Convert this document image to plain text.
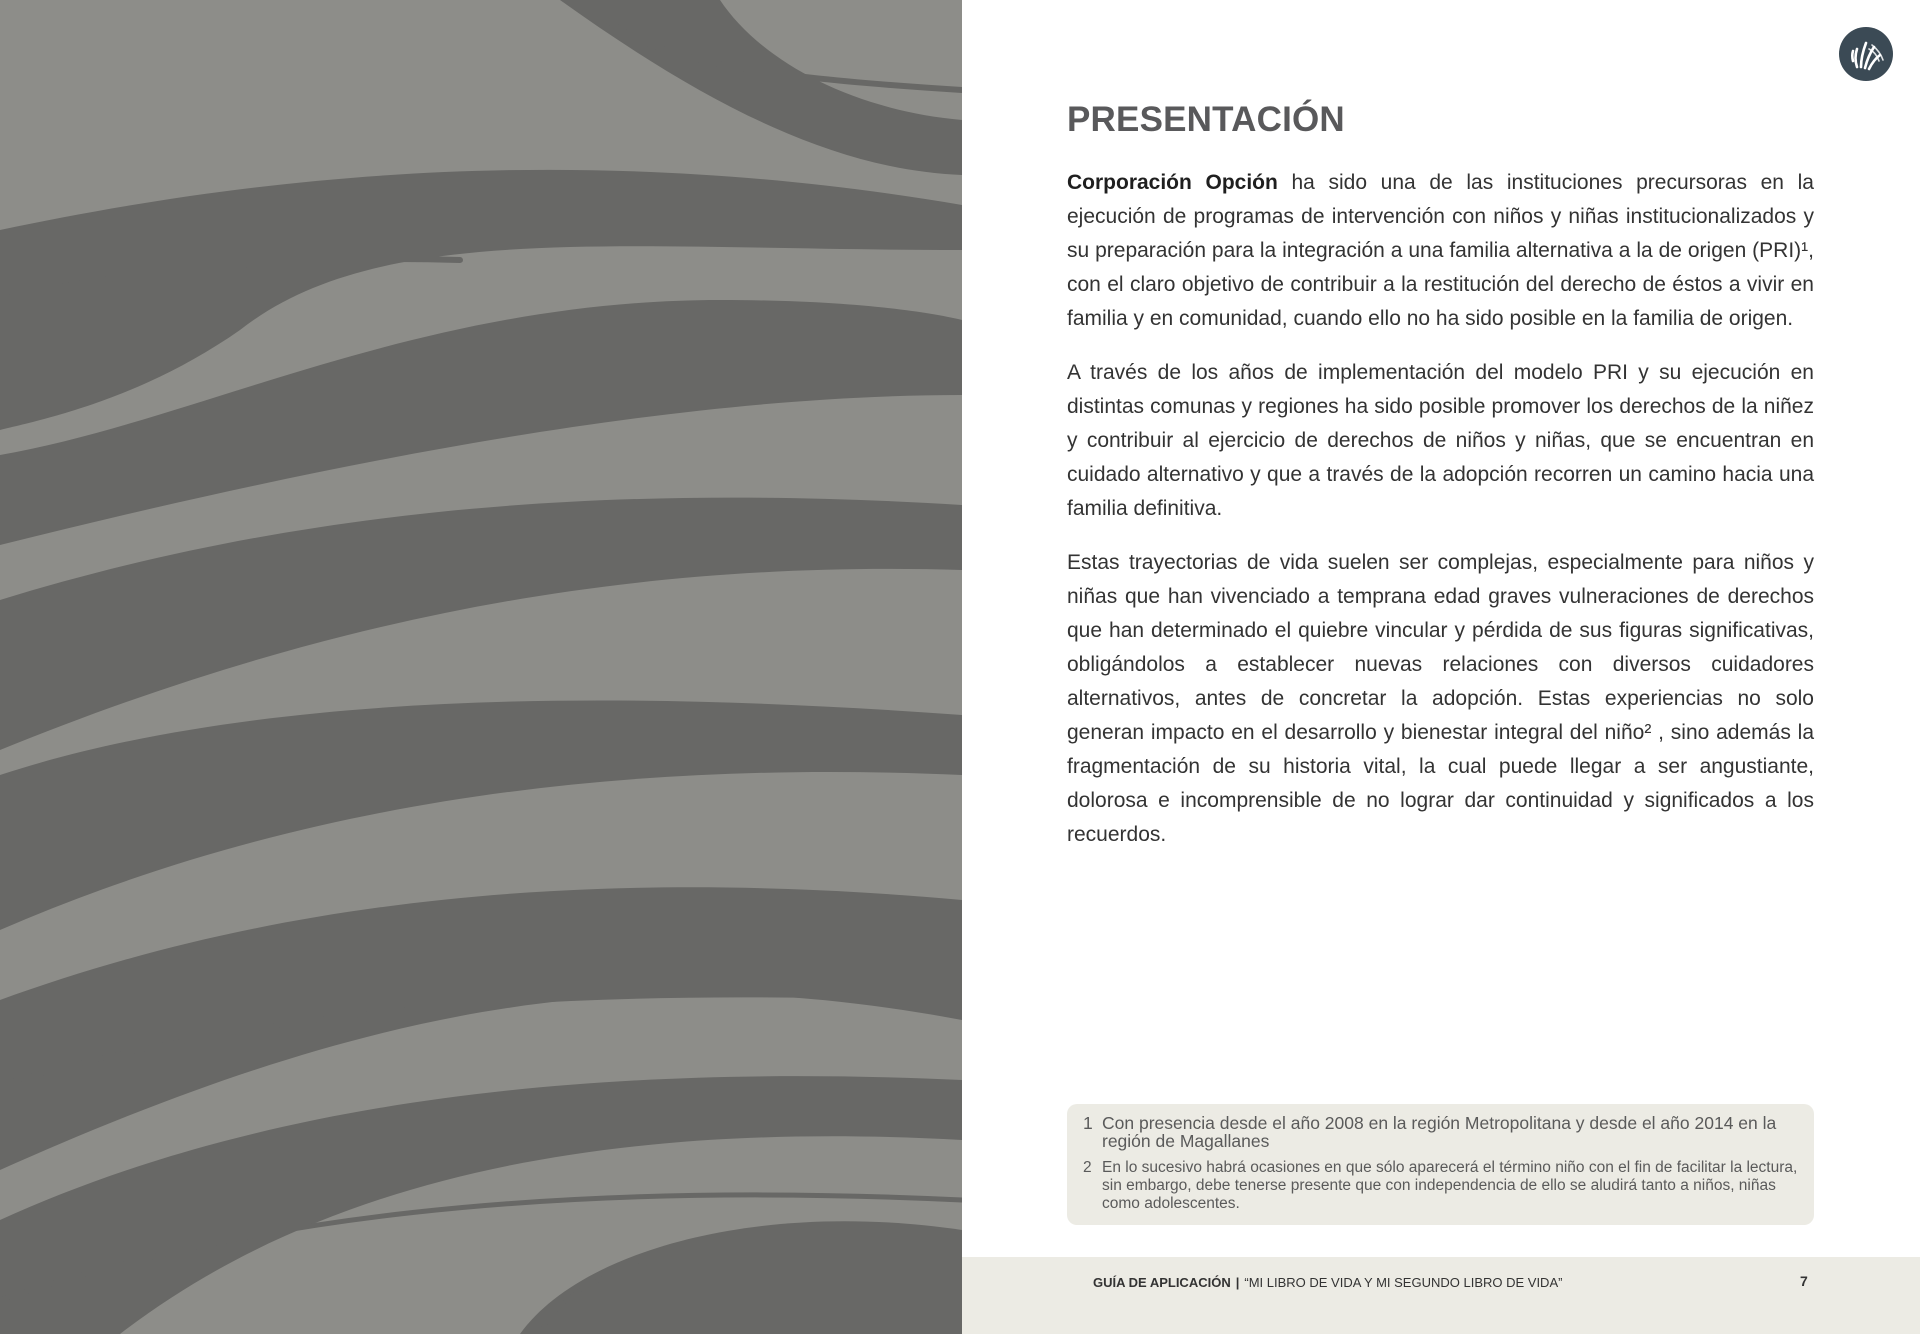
PRESENTACIÓN

Corporación Opción ha sido una de las instituciones precursoras en la ejecución de programas de intervención con niños y niñas institucionalizados y su preparación para la integración a una familia alternativa a la de origen (PRI)¹, con el claro objetivo de contribuir a la restitución del derecho de éstos a vivir en familia y en comunidad, cuando ello no ha sido posible en la familia de origen.

A través de los años de implementación del modelo PRI y su ejecución en distintas comunas y regiones ha sido posible promover los derechos de la niñez y contribuir al ejercicio de derechos de niños y niñas, que se encuentran en cuidado alternativo y que a través de la adopción recorren un camino hacia una familia definitiva.

Estas trayectorias de vida suelen ser complejas, especialmente para niños y niñas que han vivenciado a temprana edad graves vulneraciones de derechos que han determinado el quiebre vincular y pérdida de sus figuras significativas, obligándolos a establecer nuevas relaciones con diversos cuidadores alternativos, antes de concretar la adopción. Estas experiencias no solo generan impacto en el desarrollo y bienestar integral del niño² , sino además la fragmentación de su historia vital, la cual puede llegar a ser angustiante, dolorosa e incomprensible de no lograr dar continuidad y significados a los recuerdos.

1 Con presencia desde el año 2008 en la región Metropolitana y desde el año 2014 en la región de Magallanes
2 En lo sucesivo habrá ocasiones en que sólo aparecerá el término niño con el fin de facilitar la lectura, sin embargo, debe tenerse presente que con independencia de ello se aludirá tanto a niños, niñas como adolescentes.
GUÍA DE APLICACIÓN | “MI LIBRO DE VIDA Y MI SEGUNDO LIBRO DE VIDA”	7
